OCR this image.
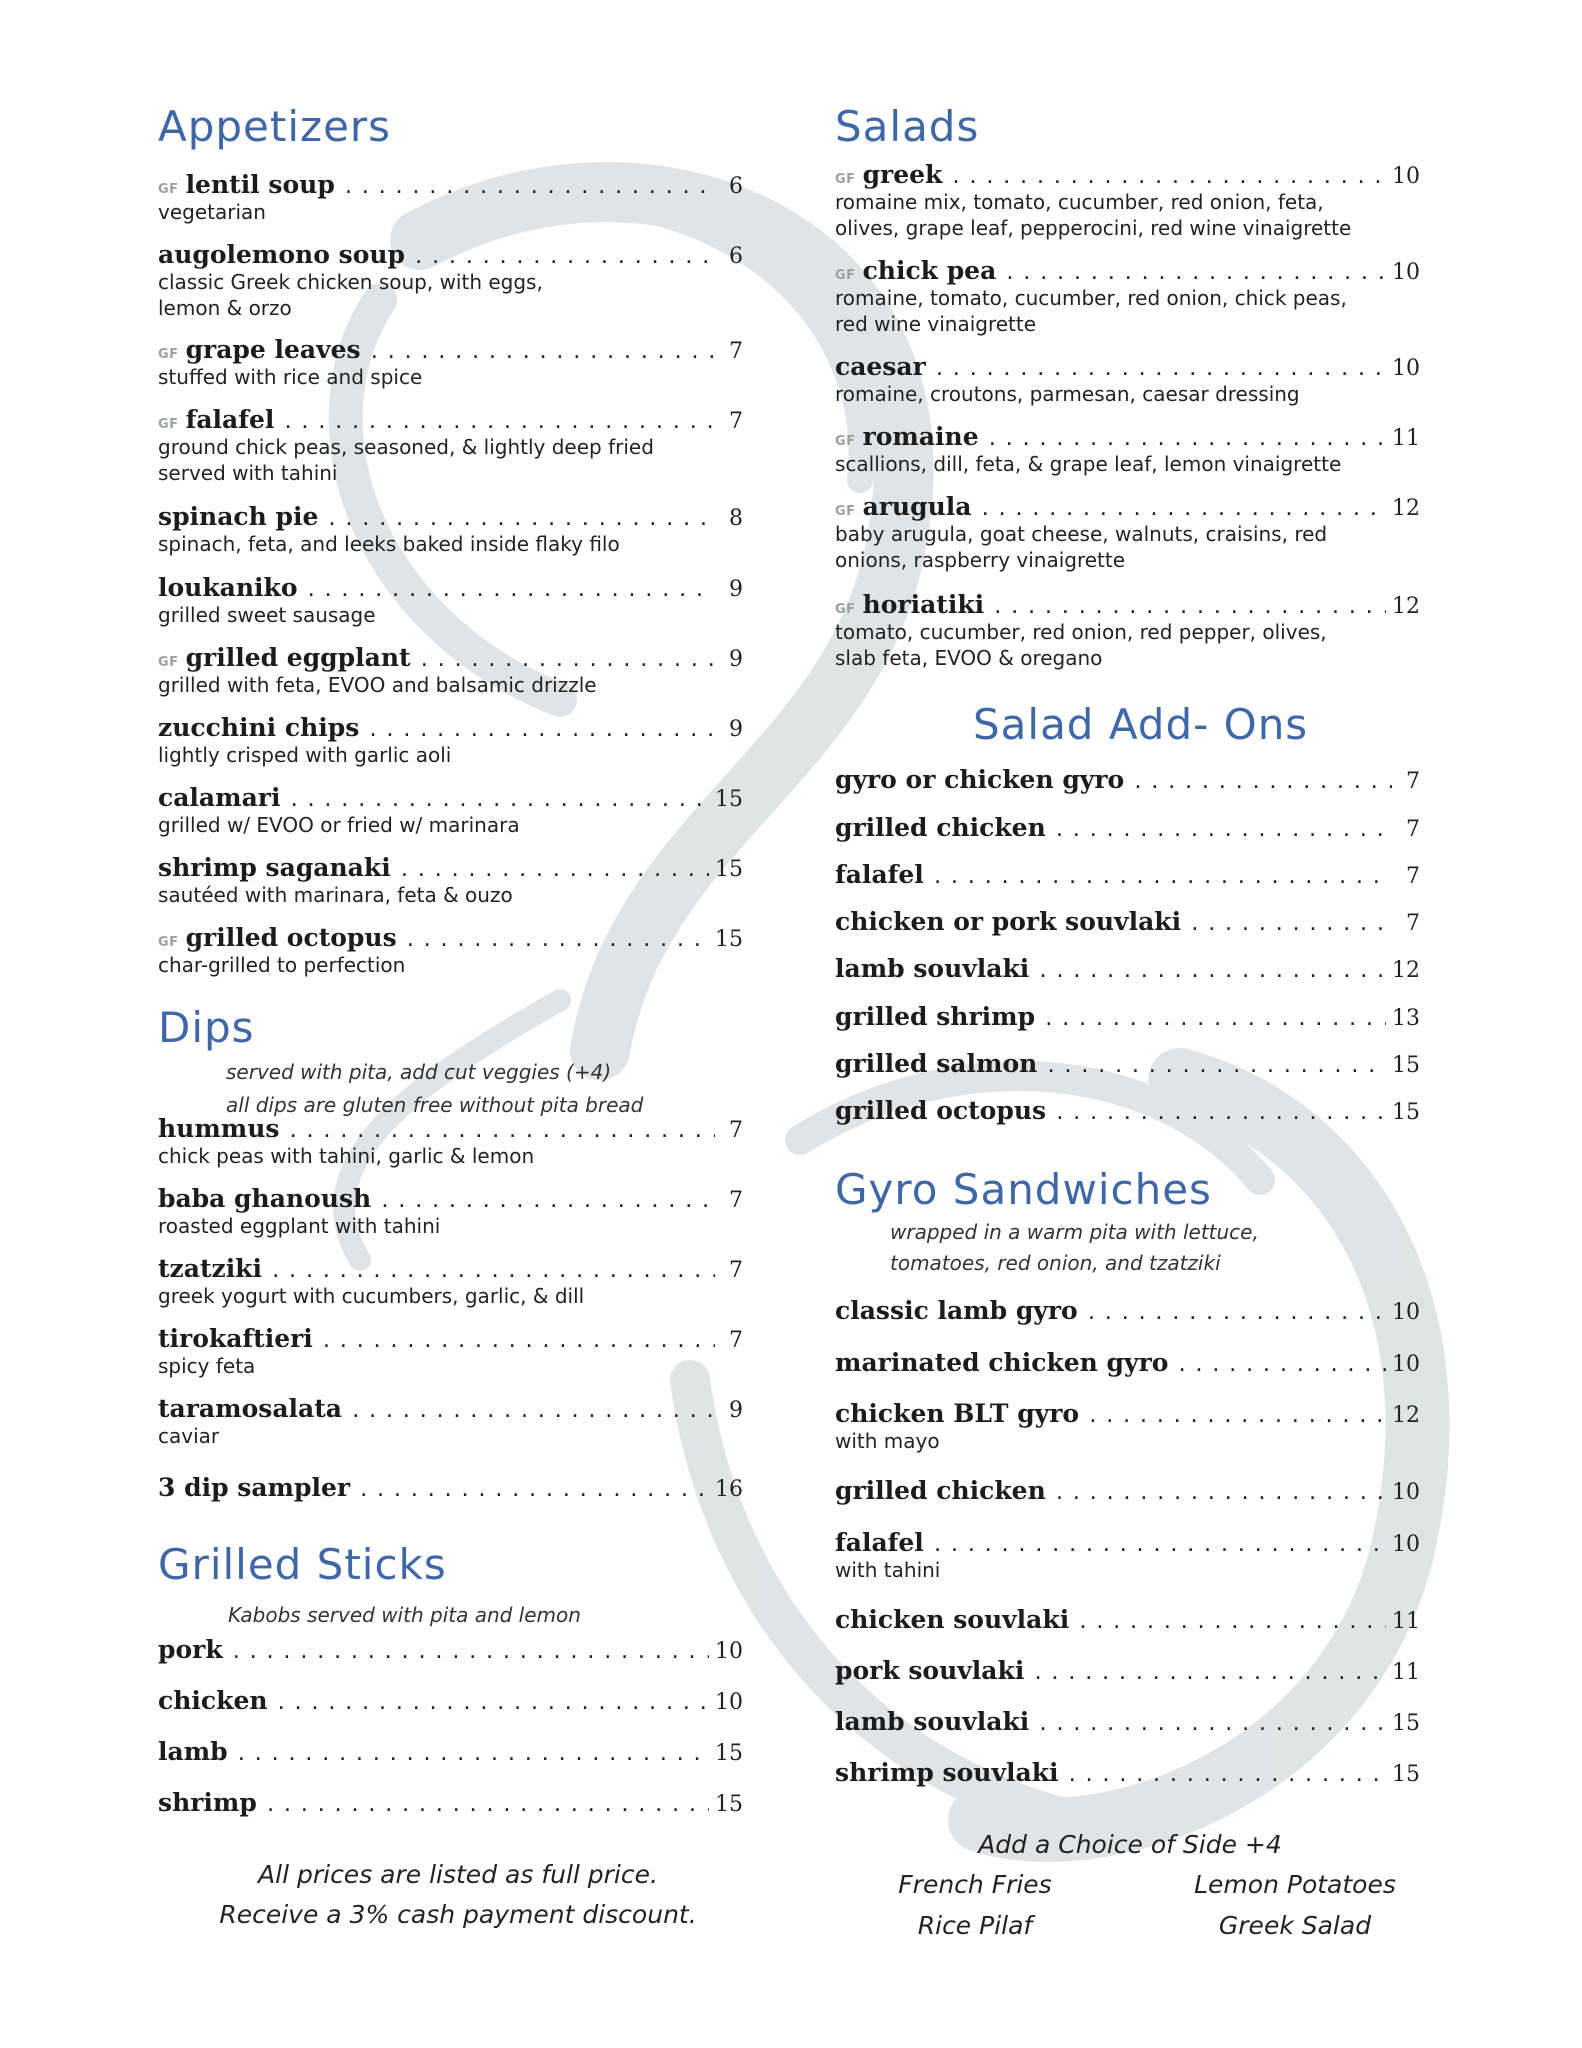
Appetizers
GF lentil soup . . .	6
vegetarian
augolemono soup . . .	6
classic Greek chicken soup, with eggs,
lemon & orzo
GF grape leaves . . .	7
stuffed with rice and spice
GF falafel . . .	7
ground chick peas, seasoned, & lightly deep fried
served with tahini
spinach pie . . .	8
spinach, feta, and leeks baked inside flaky filo
loukaniko . . .	9
grilled sweet sausage
GF grilled eggplant . . .	9
grilled with feta, EVOO and balsamic drizzle
zucchini chips . . .	9
lightly crisped with garlic aoli
calamari . . .	15
grilled w/ EVOO or fried w/ marinara
shrimp saganaki . . .	15
sautéed with marinara, feta & ouzo
GF grilled octopus . . .	15
char-grilled to perfection
Dips
served with pita, add cut veggies (+4)
all dips are gluten free without pita bread
hummus . . .	7
chick peas with tahini, garlic & lemon
baba ghanoush . . .	7
roasted eggplant with tahini
tzatziki . . .	7
greek yogurt with cucumbers, garlic, & dill
tirokaftieri . . .	7
spicy feta
taramosalata . . .	9
caviar
3 dip sampler . . .	16
Grilled Sticks
Kabobs served with pita and lemon
pork . . .	10
chicken . . .	10
lamb . . .	15
shrimp . . .	15
All prices are listed as full price.
Receive a 3% cash payment discount.
Salads
GF greek . . .	10
romaine mix, tomato, cucumber, red onion, feta,
olives, grape leaf, pepperocini, red wine vinaigrette
GF chick pea . . .	10
romaine, tomato, cucumber, red onion, chick peas,
red wine vinaigrette
caesar . . .	10
romaine, croutons, parmesan, caesar dressing
GF romaine . . .	11
scallions, dill, feta, & grape leaf, lemon vinaigrette
GF arugula . . .	12
baby arugula, goat cheese, walnuts, craisins, red
onions, raspberry vinaigrette
GF horiatiki . . .	12
tomato, cucumber, red onion, red pepper, olives,
slab feta, EVOO & oregano
Salad Add- Ons
gyro or chicken gyro . . .	7
grilled chicken . . .	7
falafel . . .	7
chicken or pork souvlaki . . .	7
lamb souvlaki . . .	12
grilled shrimp . . .	13
grilled salmon . . .	15
grilled octopus . . .	15
Gyro Sandwiches
wrapped in a warm pita with lettuce,
tomatoes, red onion, and tzatziki
classic lamb gyro . . .	10
marinated chicken gyro . . .	10
chicken BLT gyro . . .	12
with mayo
grilled chicken . . .	10
falafel . . .	10
with tahini
chicken souvlaki . . .	11
pork souvlaki . . .	11
lamb souvlaki . . .	15
shrimp souvlaki . . .	15
Add a Choice of Side +4
French Fries	Lemon Potatoes
Rice Pilaf	Greek Salad
